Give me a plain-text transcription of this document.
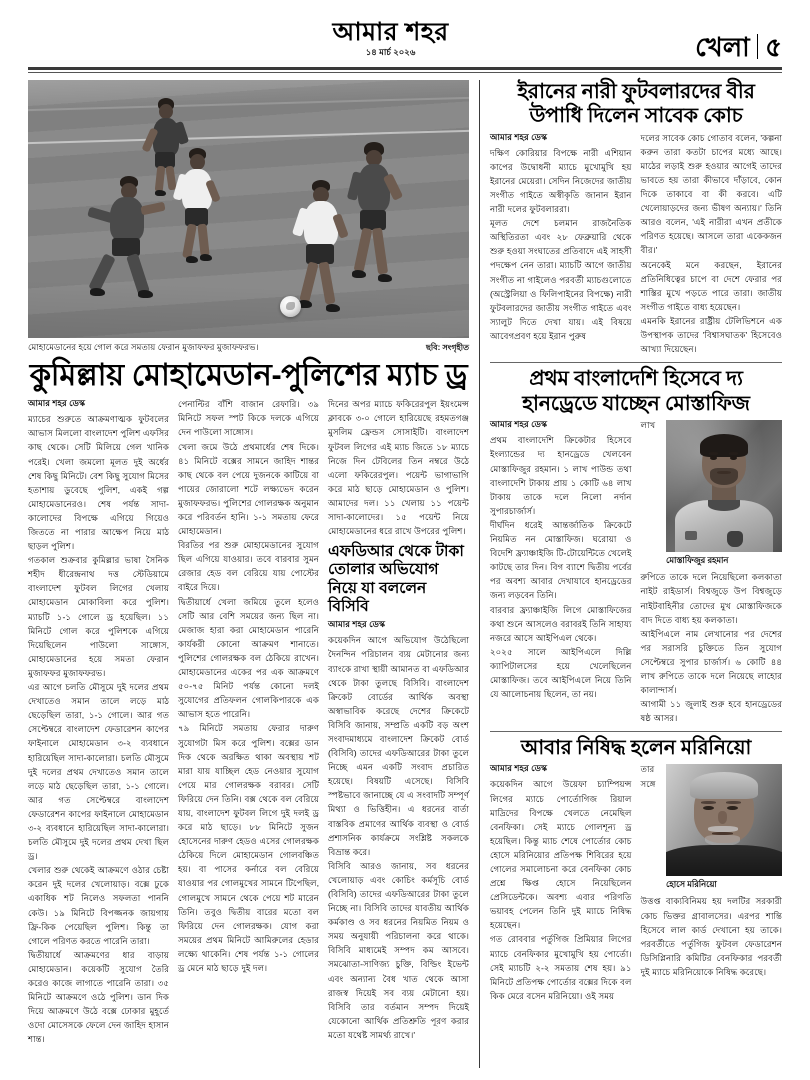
আমার শহর
১৪ মার্চ ২০২৬	খেলা ৫
মোহামেডানের হয়ে গোল করে সমতায় ফেরান মুজাফফর মুজাফফরভ।	ছবি: সংগৃহীত
কুমিল্লায় মোহামেডান-পুলিশের ম্যাচ ড্র
আমার শহর ডেস্ক

ম্যাচের শুরুতে আক্রমণাত্মক ফুটবলের আভাস মিললো বাংলাদেশ পুলিশ এফসির কাছ থেকে। সেটি মিলিয়ে গেল খানিক পরেই। খেলা জমলো মূলত দুই অর্ধের শেষ কিছু মিনিটে। বেশ কিছু সুযোগ মিসের হতাশায় ডুবেছে পুলিশ, একই গল্প মোহামেডানেরও। শেষ পর্যন্ত সাদা-কালোদের বিপক্ষে এগিয়ে গিয়েও জিততে না পারার আক্ষেপ নিয়ে মাঠ ছাড়ল পুলিশ।

গতকাল শুক্রবার কুমিল্লার ভাষা সৈনিক শহীদ ধীরেন্দ্রনাথ দত্ত স্টেডিয়ামে বাংলাদেশ ফুটবল লিগের খেলায় মোহামেডান মোকাবিলা করে পুলিশ। ম্যাচটি ১-১ গোলে ড্র হয়েছিল। ১১ মিনিটে গোল করে পুলিশকে এগিয়ে দিয়েছিলেন পাউলো সাঙ্গোস, মোহামেডানের হয়ে সমতা ফেরান মুজাফফর মুজাফফরভ।

এর আগে চলতি মৌসুমে দুই দলের প্রথম দেখাতেও সমান তালে লড়ে মাঠ ছেড়েছিল তারা, ১-১ গোলে। আর গত সেপ্টেম্বরে বাংলাদেশ ফেডারেশন কাপের ফাইনালে মোহামেডান ৩-২ ব্যবধানে হারিয়েছিল সাদা-কালোরা। চলতি মৌসুমে দুই দলের প্রথম দেখাতেও সমান তালে লড়ে মাঠ ছেড়েছিল তারা, ১-১ গোলে। আর গত সেপ্টেম্বরে বাংলাদেশ ফেডারেশন কাপের ফাইনালে মোহামেডান ৩-২ ব্যবধানে হারিয়েছিল সাদা-কালোরা। চলতি মৌসুমে দুই দলের প্রথম দেখা ছিল ড্র।

খেলার শুরু থেকেই আক্রমণে ওঠার চেষ্টা করেন দুই দলের খেলোয়াড়। বক্সে ঢুকে একাধিক শট নিলেও সফলতা পাননি কেউ। ১৯ মিনিটে বিপজ্জনক জায়গায় ফ্রি-কিক পেয়েছিল পুলিশ। কিন্তু তা গোলে পরিণত করতে পারেনি তারা।

দ্বিতীয়ার্ধে আক্রমণের ধার বাড়ায় মোহামেডান। কয়েকটি সুযোগ তৈরি করেও কাজে লাগাতে পারেনি তারা। ৩৫ মিনিটে আক্রমণে ওঠে পুলিশ। ডান দিক দিয়ে আক্রমণে উঠে বক্সে ঢোকার মুহূর্তে ওদো মোসেসকে ফেলে দেন জাহিদ হাসান শান্ত।

পেনাল্টির বাঁশি বাজান রেফারি। ৩৯ মিনিটে সফল স্পট কিকে দলকে এগিয়ে দেন পাউলো সাঙ্গোস।

খেলা জমে উঠে প্রথমার্ধের শেষ দিকে। ৪১ মিনিটে বক্সের সামনে জাহিদ শান্তর কাছ থেকে বল পেয়ে দুজনকে কাটিয়ে বা পায়ের জোরালো শটে লক্ষ্যভেদ করেন মুজাফফরভ। পুলিশের গোলরক্ষক অনুমান করে পরিবর্তন হানি। ১-১ সমতায় ফেরে মোহামেডান।

বিরতির পর শুরু মোহামেডানের সুযোগ ছিল এগিয়ে যাওয়ার। তবে বারবার সুমন রেজার হেড বল বেরিয়ে যায় পোস্টের বাইরে দিয়ে।

দ্বিতীয়ার্ধে খেলা জমিয়ে তুলে হলেও সেটি আর বেশি সময়ের জন্য ছিল না। মেজাজ হারা করা মোহামেডান পারেনি কার্যকরী কোনো আক্রমণ শানাতে। পুলিশের গোলরক্ষক বল ঠেকিয়ে রাখেন। মোহামেডানের একের পর এক আক্রমণে ৫০-৭৫ মিনিট পর্যন্ত কোনো দলই সুযোগের প্রতিফলন গোলকিপারকে এক আভাস হতে পারেনি।

৭৯ মিনিটে সমতায় ফেরার দারুণ সুযোগটা মিস করে পুলিশ। বক্সের ডান দিক থেকে অরক্ষিত থাকা অবস্থায় শট মারা যায় যাচ্ছিল হেড নেওয়ার সুযোগ পেয়ে মার গোলরক্ষক বরাবর। সেটি ফিরিয়ে দেন তিনি। বক্স থেকে বল বেরিয়ে যায়, বাংলাদেশ ফুটবল লিগে দুই দলই ড্র করে মাঠ ছাড়ে। ৮৮ মিনিটে সুজন হোসেনের দারুণ হেডও এসের গোলরক্ষক ঠেকিয়ে দিলে মোহামেডান গোলবঞ্চিত হয়। বা পাসের কর্নারে বল বেরিয়ে যাওয়ার পর গোলমুখের সামনে টিপেছিল, গোলমুখে সামনে থেকে পেয়ে শট মারেন তিনি। তবুও দ্বিতীয় বারের মতো বল ফিরিয়ে দেন গোলরক্ষক। যোগ করা সময়ের প্রথম মিনিটে আমিরুলের হেডার লক্ষ্যে থাকেনি। শেষ পর্যন্ত ১-১ গোলের ড্র মেনে মাঠ ছাড়ে দুই দল।

দিনের অপর ম্যাচে ফকিরেরপুল ইয়ংমেন্স ক্লাবকে ৩-০ গোলে হারিয়েছে রহমতগঞ্জ মুসলিম ফ্রেন্ডস সোসাইটি। বাংলাদেশ ফুটবল লিগের এই ম্যাচ জিতে ১৮ ম্যাচে নিজে দিন টেবিলের তিন নম্বরে উঠে এলো ফকিরেরপুল। পয়েন্ট ভাগাভাগি করে মাঠ ছাড়ে মোহামেডান ও পুলিশ। আমাদের দল। ১১ খেলায় ১১ পয়েন্ট সাদা-কালোদের। ১৫ পয়েন্ট নিয়ে মোহামেডানের ধরে রাখে উপরের পুলিশ।
এফডিআর থেকে টাকা তোলার অভিযোগ নিয়ে যা বললেন বিসিবি
আমার শহর ডেস্ক

কয়েকদিন আগে অভিযোগ উঠেছিলো দৈনন্দিন পরিচালন ব্যয় মেটানোর জন্য ব্যাংকে রাখা স্থায়ী আমানত বা এফডিআর থেকে টাকা তুলছে বিসিবি। বাংলাদেশ ক্রিকেট বোর্ডের আর্থিক অবস্থা অস্বাভাবিক করেছে দেশের ক্রিকেটে বিসিবি জানায়, সম্প্রতি একটি বড় অংশ সংবাদমাধ্যমে বাংলাদেশ ক্রিকেট বোর্ড (বিসিবি) তাদের এফডিআরের টাকা তুলে নিচ্ছে এমন একটি সংবাদ প্রচারিত হয়েছে। বিষয়টি এসেছে। বিসিবি স্পষ্টভাবে জানাচ্ছে যে এ সংবাদটি সম্পূর্ণ মিথ্যা ও ভিত্তিহীন। এ ধরনের বার্তা বাস্তবিক প্রমাণের আর্থিক ব্যবস্থা ও বোর্ড প্রশাসনিক কার্যক্রমে সংশ্লিষ্ট সকলকে বিভ্রান্ত করে।

বিসিবি আরও জানায়, সব ধরনের খেলোয়াড় এবং কোচিং কর্মসূচি বোর্ড (বিসিবি) তাদের এফডিআরের টাকা তুলে নিচ্ছে না। বিসিবি তাদের যাবতীয় আর্থিক কর্মকাণ্ড ও সব ধরনের নিয়মিত নিয়ম ও সময় অনুযায়ী পরিচালনা করে থাকে। বিসিবি মাধ্যমেই সম্পদ কম আসবে। সমঝোতা-সাণিজ্য চুক্তি, বিল্ডিং ইভেন্ট এবং অন্যান্য বৈধ খাত থেকে আসা রাজস্ব দিয়েই সব ব্যয় মেটানো হয়। বিসিবি তার বর্তমান সম্পদ দিয়েই যেকোনো আর্থিক প্রতিশ্রুতি পূরণ করার মতো যথেষ্ট সামর্থ্য রাখে।'

ইরানের নারী ফুটবলারদের বীর উপাধি দিলেন সাবেক কোচ
আমার শহর ডেস্ক

দক্ষিণ কোরিয়ার বিপক্ষে নারী এশিয়ান কাপের উদ্বোধনী ম্যাচে মুখোমুখি হয় ইরানের মেয়েরা। সেদিন নিজেদের জাতীয় সংগীত গাইতে অস্বীকৃতি জানান ইরান নারী দলের ফুটবলাররা।

মূলত দেশে চলমান রাজনৈতিক অস্থিতিরতা এবং ২৮ ফেব্রুয়ারি থেকে শুরু হওয়া সংঘাতের প্রতিবাদে এই সাহসী পদক্ষেপ নেন তারা। ম্যাচটি আগে জাতীয় সংগীত না গাইলেও পরবর্তী ম্যাচগুলোতে (অস্ট্রেলিয়া ও ফিলিপাইনের বিপক্ষে) নারী ফুটবলারদের জাতীয় সংগীত গাইতে এবং স্যালুট দিতে দেখা যায়। এই বিষয়ে আবেগপ্রবণ হয়ে ইরান পুরুষ

দলের সাবেক কোচ গোতাব বলেন, 'কল্পনা করুন তারা কতটা চাপের মধ্যে আছে। মাঠের লড়াই শুরু হওয়ার আগেই তাদের ভাবতে হয় তারা কীভাবে দাঁড়াবে, কোন দিকে তাকাবে বা কী করবে। এটি খেলোয়াড়দের জন্য ভীষণ অন্যায়।' তিনি আরও বলেন, 'এই নারীরা এখন প্রতীকে পরিণত হয়েছে। আসলে তারা একেকজন বীর।'

অনেকেই মনে করছেন, ইরানের প্রতিনিধিত্বের চাপে বা দেশে ফেরার পর শাস্তির মুখে পড়তে পারে তারা। জাতীয় সংগীত গাইতে বাধ্য হয়েছেন।

এমনকি ইরানের রাষ্ট্রীয় টেলিভিশনে এক উপস্থাপক তাদের 'বিশ্বাসঘাতক' হিসেবেও আখ্যা দিয়েছেন।

প্রথম বাংলাদেশি হিসেবে দ্য হানড্রেডে যাচ্ছেন মোস্তাফিজ
আমার শহর ডেস্ক

প্রথম বাংলাদেশি ক্রিকেটার হিসেবে ইংল্যান্ডের দ্য হানড্রেডে খেলবেন মোস্তাফিজুর রহমান। ১ লাখ পাউন্ড তথা বাংলাদেশি টাকায় প্রায় ১ কোটি ৬৪ লাখ টাকায় তাকে দলে নিলো নর্দান সুপারচার্জার্স।

দীর্ঘদিন ধরেই আন্তর্জাতিক ক্রিকেটে নিয়মিত নন মোস্তাফিজ। ঘরোয়া ও বিদেশি ফ্র্যাঞ্চাইজি টি-টোয়েন্টিতে খেলেই কাটছে তার দিন। বিগ ব্যাশে দ্বিতীয় পর্বের পর অবশ্য আবার দেখাযাবে হানড্রেডের জন্য লড়বেন তিনি।

বারবার ফ্র্যাঞ্চাইজি লিগে মোস্তাফিজের কথা শুনে আসলেও বরাবরই তিনি সাহায্য নজরে আসে আইপিএল থেকে।

২০২৫ সালে আইপিএলে দিল্লি ক্যাপিটালসের হয়ে খেলেছিলেন মোস্তাফিজ। তবে আইপিএলে নিয়ে তিনি যে আলোচনায় ছিলেন, তা নয়।

মোস্তাফিজুর রহমান

লাখ রুপিতে তাকে দলে নিয়েছিলো কলকাতা নাইট রাইডার্স। বিশ্বজুড়ে উপ বিশ্বজুড়ে নাইটবাহিনীর তোদের মুখ মোস্তাফিজকে বাদ দিতে বাধ্য হয় কলকাতা।

আইপিএলে নাম লেখানোর পর দেশের পর সরাসরি চুক্তিতে তিন সুযোগ সেপ্টেম্বরে সুপার চার্জার্স। ৬ কোটি ৪৪ লাখ রুপিতে তাকে দলে নিয়েছে লাহোর কালান্দার্স।

আগামী ১১ জুলাই শুরু হবে হানড্রেডের ষষ্ঠ আসর।

আবার নিষিদ্ধ হলেন মরিনিয়ো
আমার শহর ডেস্ক

কয়েকদিন আগে উয়েফা চ্যাম্পিয়ন্স লিগের ম্যাচে পোর্তোগিজ রিয়াল মাদ্রিদের বিপক্ষে খেলতে নেমেছিল বেনফিকা। সেই ম্যাচে গোলশূন্য ড্র হয়েছিল। কিন্তু ম্যাচ শেষে পোর্তোর কোচ হোসে মরিনিয়োর প্রতিপক্ষ শিবিরের হয়ে গোলের সমালোচনা করে বেনফিকা কোচ প্রশ্নে ক্ষিপ্ত হোসে নিয়েছিলেন প্রেসিডেন্টকে। অবশ্য এবার পরিণতি ভয়াবহ পেলেন তিনি দুই ম্যাচে নিষিদ্ধ হয়েছেন।

গত রোববার পর্তুগিজ প্রিমিয়ার লিগের ম্যাচে বেনফিকার মুখোমুখি হয় পোর্তো। সেই ম্যাচটি ২-২ সমতায় শেষ হয়। ৯১ মিনিটে প্রতিপক্ষ পোর্তোর বক্সের দিকে বল কিক মেরে বসেন মরিনিয়ো। ওই সময়

হোসে মরিনিয়ো
তার সঙ্গে উত্তপ্ত বাক্যবিনিময় হয় দলটির সরকারী কোচ ভিক্তর গ্রাবালসের। এরপর শান্তি হিসেবে লাল কার্ড দেখানো হয় তাকে। পরবর্তীতে পর্তুগিজ ফুটবল ফেডারেশন ডিসিপ্লিনারি কমিটির বেনফিকার পরবর্তী দুই ম্যাচে মরিনিয়োকে নিষিদ্ধ করেছে।
